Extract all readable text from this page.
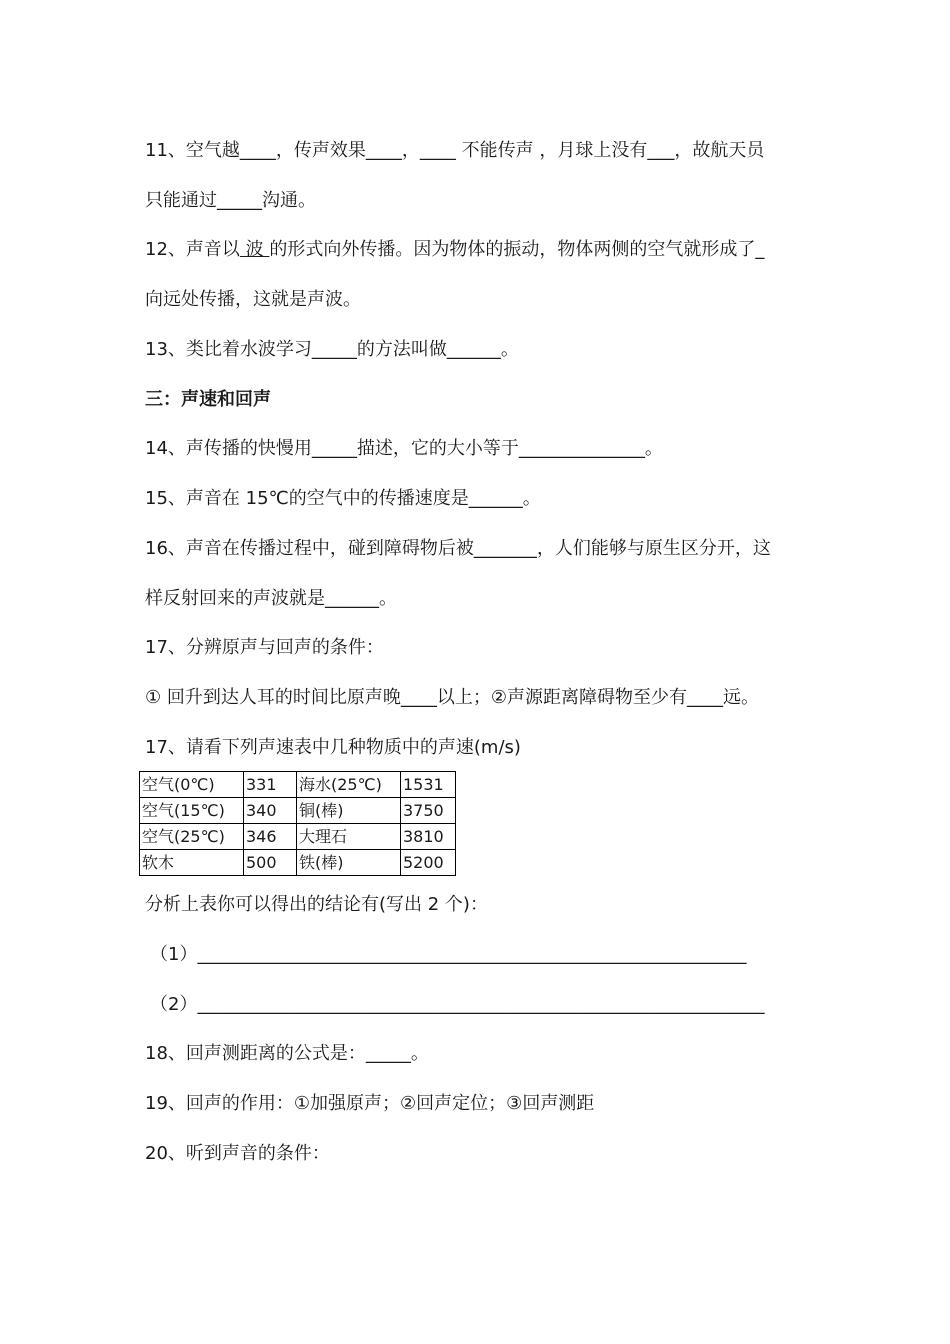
11、空气越____，传声效果____，____ 不能传声 ，月球上没有___，故航天员
只能通过_____沟通。
12、声音以 波 的形式向外传播。因为物体的振动，物体两侧的空气就形成了_
向远处传播，这就是声波。
13、类比着水波学习_____的方法叫做______。
三：声速和回声
14、声传播的快慢用_____描述，它的大小等于______________。
15、声音在 15℃的空气中的传播速度是______。
16、声音在传播过程中，碰到障碍物后被_______，人们能够与原生区分开，这
样反射回来的声波就是______。
17、分辨原声与回声的条件：
① 回升到达人耳的时间比原声晚____以上；②声源距离障碍物至少有____远。
17、请看下列声速表中几种物质中的声速(m/s)
空气(0℃)	331	海水(25℃)	1531
空气(15℃)	340	铜(棒)	3750
空气(25℃)	346	大理石	3810
软木	500	铁(棒)	5200
分析上表你可以得出的结论有(写出 2 个)：
（1）_____________________________________________________________
（2）_______________________________________________________________
18、回声测距离的公式是：_____。
19、回声的作用：①加强原声；②回声定位；③回声测距
20、听到声音的条件：
